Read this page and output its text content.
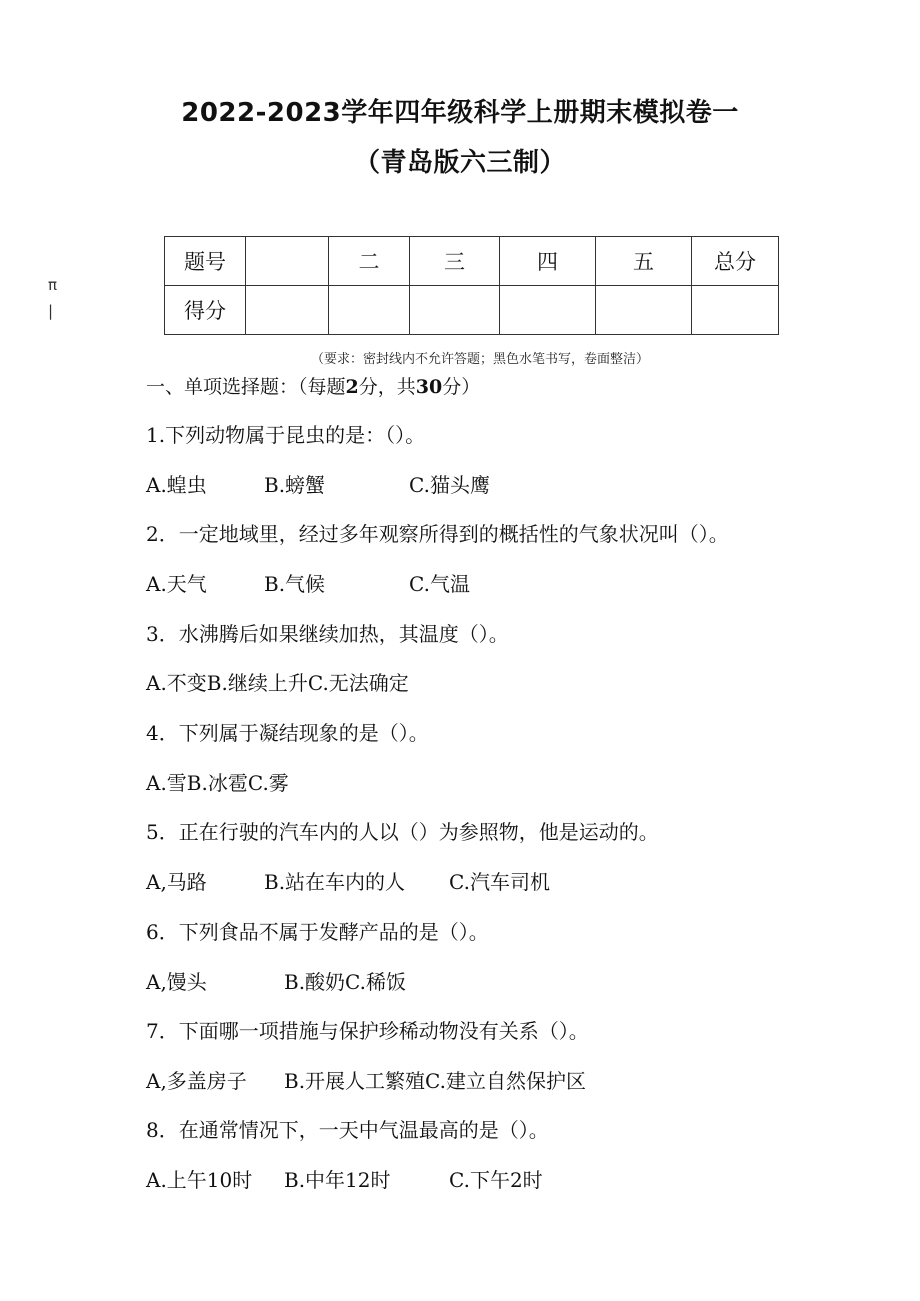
2022-2023学年四年级科学上册期末模拟卷一
（青岛版六三制）
π
|
题号		二	三	四	五	总分
得分						
（要求：密封线内不允许答题；黑色水笔书写，卷面整洁）
一、单项选择题：（每题2分，共30分）
1.下列动物属于昆虫的是：（）。
A.蝗虫	B.螃蟹	C.猫头鹰
2．一定地域里，经过多年观察所得到的概括性的气象状况叫（）。
A.天气	B.气候	C.气温
3．水沸腾后如果继续加热，其温度（）。
A.不变B.继续上升C.无法确定
4．下列属于凝结现象的是（）。
A.雪B.冰雹C.雾
5．正在行驶的汽车内的人以（）为参照物，他是运动的。
A,马路	B.站在车内的人 C.汽车司机
6．下列食品不属于发酵产品的是（）。
A,馒头	B.酸奶C.稀饭
7．下面哪一项措施与保护珍稀动物没有关系（）。
A,多盖房子 B.开展人工繁殖C.建立自然保护区
8．在通常情况下，一天中气温最高的是（）。
A.上午10时 B.中年12时	C.下午2时
